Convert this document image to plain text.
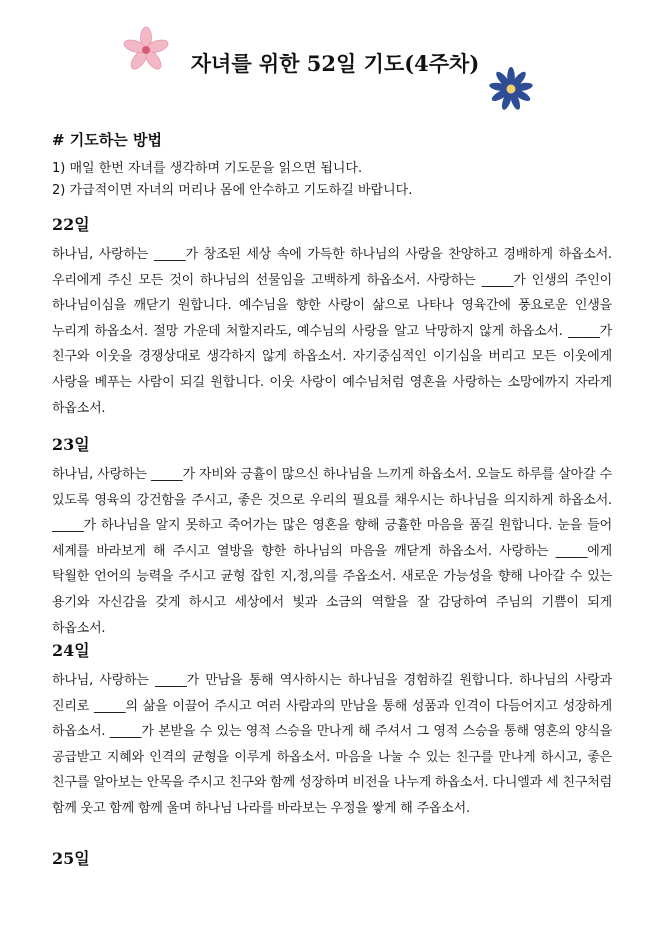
자녀를 위한 52일 기도(4주차)

# 기도하는 방법

1) 매일 한번 자녀를 생각하며 기도문을 읽으면 됩니다.

2) 가급적이면 자녀의 머리나 몸에 안수하고 기도하길 바랍니다.

22일

하나님, 사랑하는 _____가 창조된 세상 속에 가득한 하나님의 사랑을 찬양하고 경배하게 하옵소서. 우리에게 주신 모든 것이 하나님의 선물임을 고백하게 하옵소서. 사랑하는 _____가 인생의 주인이 하나님이심을 깨닫기 원합니다. 예수님을 향한 사랑이 삶으로 나타나 영육간에 풍요로운 인생을 누리게 하옵소서. 절망 가운데 처할지라도, 예수님의 사랑을 알고 낙망하지 않게 하옵소서. _____가 친구와 이웃을 경쟁상대로 생각하지 않게 하옵소서. 자기중심적인 이기심을 버리고 모든 이웃에게 사랑을 베푸는 사람이 되길 원합니다. 이웃 사랑이 예수님처럼 영혼을 사랑하는 소망에까지 자라게 하옵소서.

23일

하나님, 사랑하는 _____가 자비와 긍휼이 많으신 하나님을 느끼게 하옵소서. 오늘도 하루를 살아갈 수 있도록 영육의 강건함을 주시고, 좋은 것으로 우리의 필요를 채우시는 하나님을 의지하게 하옵소서. _____가 하나님을 알지 못하고 죽어가는 많은 영혼을 향해 긍휼한 마음을 품길 원합니다. 눈을 들어 세계를 바라보게 해 주시고 열방을 향한 하나님의 마음을 깨닫게 하옵소서. 사랑하는 _____에게 탁월한 언어의 능력을 주시고 균형 잡힌 지,정,의를 주옵소서. 새로운 가능성을 향해 나아갈 수 있는 용기와 자신감을 갖게 하시고 세상에서 빛과 소금의 역할을 잘 감당하여 주님의 기쁨이 되게 하옵소서.

24일

하나님, 사랑하는 _____가 만남을 통해 역사하시는 하나님을 경험하길 원합니다. 하나님의 사랑과 진리로 _____의 삶을 이끌어 주시고 여러 사람과의 만남을 통해 성품과 인격이 다듬어지고 성장하게 하옵소서. _____가 본받을 수 있는 영적 스승을 만나게 해 주셔서 그 영적 스승을 통해 영혼의 양식을 공급받고 지혜와 인격의 균형을 이루게 하옵소서. 마음을 나눌 수 있는 친구를 만나게 하시고, 좋은 친구를 알아보는 안목을 주시고 친구와 함께 성장하며 비전을 나누게 하옵소서. 다니엘과 세 친구처럼 함께 웃고 함께 함께 울며 하나님 나라를 바라보는 우정을 쌓게 해 주옵소서.

25일
